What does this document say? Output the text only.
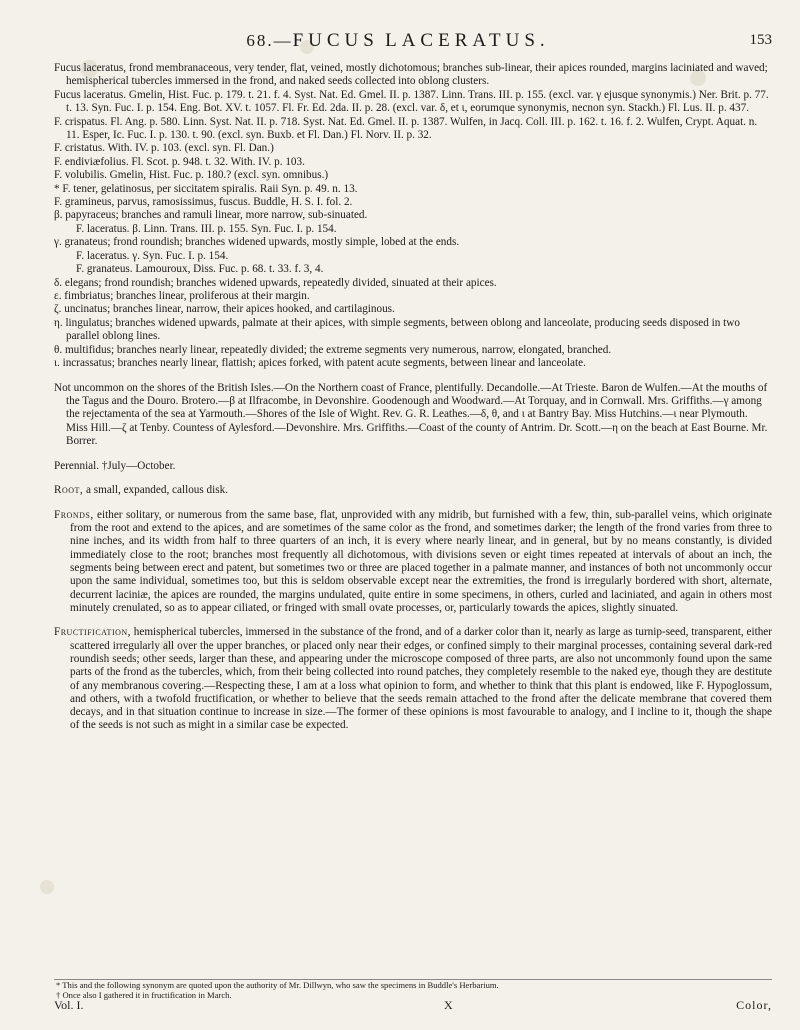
68.—FUCUS LACERATUS.	153

Fucus laceratus, frond membranaceous, very tender, flat, veined, mostly dichotomous; branches sub-linear, their apices rounded, margins laciniated and waved; hemispherical tubercles immersed in the frond, and naked seeds collected into oblong clusters.

Fucus laceratus. Gmelin, Hist. Fuc. p. 179. t. 21. f. 4. Syst. Nat. Ed. Gmel. II. p. 1387. Linn. Trans. III. p. 155. (excl. var. γ ejusque synonymis.) Ner. Brit. p. 77. t. 13. Syn. Fuc. I. p. 154. Eng. Bot. XV. t. 1057. Fl. Fr. Ed. 2da. II. p. 28. (excl. var. δ, et ι, eorumque synonymis, necnon syn. Stackh.) Fl. Lus. II. p. 437.

F. crispatus. Fl. Ang. p. 580. Linn. Syst. Nat. II. p. 718. Syst. Nat. Ed. Gmel. II. p. 1387. Wulfen, in Jacq. Coll. III. p. 162. t. 16. f. 2. Wulfen, Crypt. Aquat. n. 11. Esper, Ic. Fuc. I. p. 130. t. 90. (excl. syn. Buxb. et Fl. Dan.) Fl. Norv. II. p. 32.

F. cristatus. With. IV. p. 103. (excl. syn. Fl. Dan.)

F. endiviæfolius. Fl. Scot. p. 948. t. 32. With. IV. p. 103.

F. volubilis. Gmelin, Hist. Fuc. p. 180.? (excl. syn. omnibus.)

* F. tener, gelatinosus, per siccitatem spiralis. Raii Syn. p. 49. n. 13.

F. gramineus, parvus, ramosissimus, fuscus. Buddle, H. S. I. fol. 2.

β. papyraceus; branches and ramuli linear, more narrow, sub-sinuated.

F. laceratus. β. Linn. Trans. III. p. 155. Syn. Fuc. I. p. 154.

γ. granateus; frond roundish; branches widened upwards, mostly simple, lobed at the ends.

F. laceratus. γ. Syn. Fuc. I. p. 154.

F. granateus. Lamouroux, Diss. Fuc. p. 68. t. 33. f. 3, 4.

δ. elegans; frond roundish; branches widened upwards, repeatedly divided, sinuated at their apices.

ε. fimbriatus; branches linear, proliferous at their margin.

ζ. uncinatus; branches linear, narrow, their apices hooked, and cartilaginous.

η. lingulatus; branches widened upwards, palmate at their apices, with simple segments, between oblong and lanceolate, producing seeds disposed in two parallel oblong lines.

θ. multifidus; branches nearly linear, repeatedly divided; the extreme segments very numerous, narrow, elongated, branched.

ι. incrassatus; branches nearly linear, flattish; apices forked, with patent acute segments, between linear and lanceolate.

Not uncommon on the shores of the British Isles.—On the Northern coast of France, plentifully. Decandolle.—At Trieste. Baron de Wulfen.—At the mouths of the Tagus and the Douro. Brotero.—β at Ilfracombe, in Devonshire. Goodenough and Woodward.—At Torquay, and in Cornwall. Mrs. Griffiths.—γ among the rejectamenta of the sea at Yarmouth.—Shores of the Isle of Wight. Rev. G. R. Leathes.—δ, θ, and ι at Bantry Bay. Miss Hutchins.—ι near Plymouth. Miss Hill.—ζ at Tenby. Countess of Aylesford.—Devonshire. Mrs. Griffiths.—Coast of the county of Antrim. Dr. Scott.—η on the beach at East Bourne. Mr. Borrer.

Perennial. †July—October.

Root, a small, expanded, callous disk.

Fronds, either solitary, or numerous from the same base, flat, unprovided with any midrib, but furnished with a few, thin, sub-parallel veins, which originate from the root and extend to the apices, and are sometimes of the same color as the frond, and sometimes darker; the length of the frond varies from three to nine inches, and its width from half to three quarters of an inch, it is every where nearly linear, and in general, but by no means constantly, is divided immediately close to the root; branches most frequently all dichotomous, with divisions seven or eight times repeated at intervals of about an inch, the segments being between erect and patent, but sometimes two or three are placed together in a palmate manner, and instances of both not uncommonly occur upon the same individual, sometimes too, but this is seldom observable except near the extremities, the frond is irregularly bordered with short, alternate, decurrent laciniæ, the apices are rounded, the margins undulated, quite entire in some specimens, in others, curled and laciniated, and again in others most minutely crenulated, so as to appear ciliated, or fringed with small ovate processes, or, particularly towards the apices, slightly sinuated.

Fructification, hemispherical tubercles, immersed in the substance of the frond, and of a darker color than it, nearly as large as turnip-seed, transparent, either scattered irregularly all over the upper branches, or placed only near their edges, or confined simply to their marginal processes, containing several dark-red roundish seeds; other seeds, larger than these, and appearing under the microscope composed of three parts, are also not uncommonly found upon the same parts of the frond as the tubercles, which, from their being collected into round patches, they completely resemble to the naked eye, though they are destitute of any membranous covering.—Respecting these, I am at a loss what opinion to form, and whether to think that this plant is endowed, like F. Hypoglossum, and others, with a twofold fructification, or whether to believe that the seeds remain attached to the frond after the delicate membrane that covered them decays, and in that situation continue to increase in size.—The former of these opinions is most favourable to analogy, and I incline to it, though the shape of the seeds is not such as might in a similar case be expected.

* This and the following synonym are quoted upon the authority of Mr. Dillwyn, who saw the specimens in Buddle's Herbarium.

† Once also I gathered it in fructification in March.

Vol. I.	X	Color,
